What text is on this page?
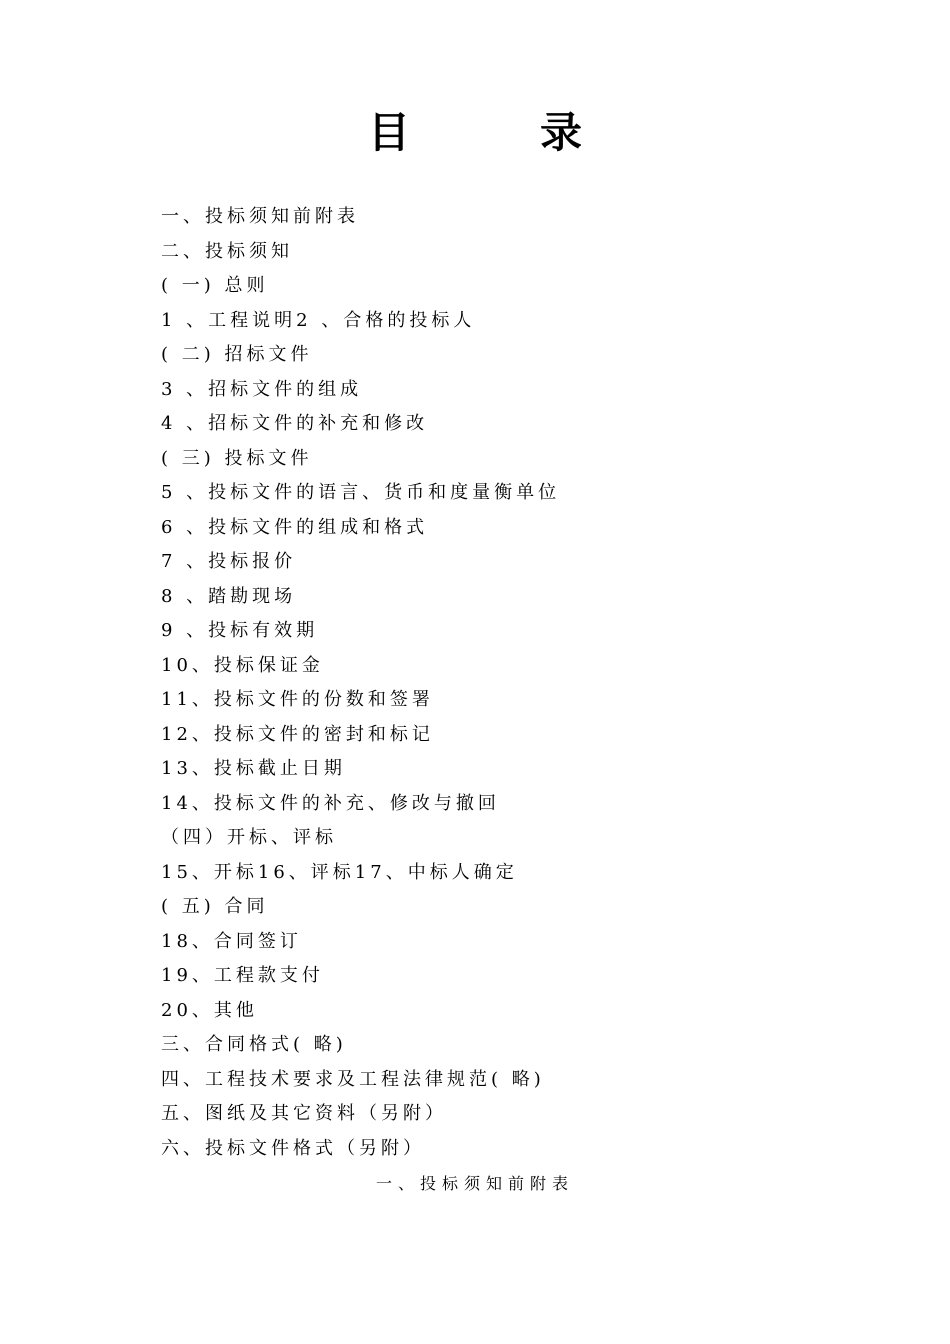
目	录
一、投标须知前附表
二、投标须知
( 一) 总则
1 、工程说明2 、合格的投标人
( 二) 招标文件
3 、招标文件的组成
4 、招标文件的补充和修改
( 三) 投标文件
5 、投标文件的语言、货币和度量衡单位
6 、投标文件的组成和格式
7 、投标报价
8 、踏勘现场
9 、投标有效期
10、投标保证金
11、投标文件的份数和签署
12、投标文件的密封和标记
13、投标截止日期
14、投标文件的补充、修改与撤回
（四）开标、评标
15、开标16、评标17、中标人确定
( 五) 合同
18、合同签订
19、工程款支付
20、其他
三、合同格式( 略)
四、工程技术要求及工程法律规范( 略)
五、图纸及其它资料（另附）
六、投标文件格式（另附）
一、投标须知前附表
